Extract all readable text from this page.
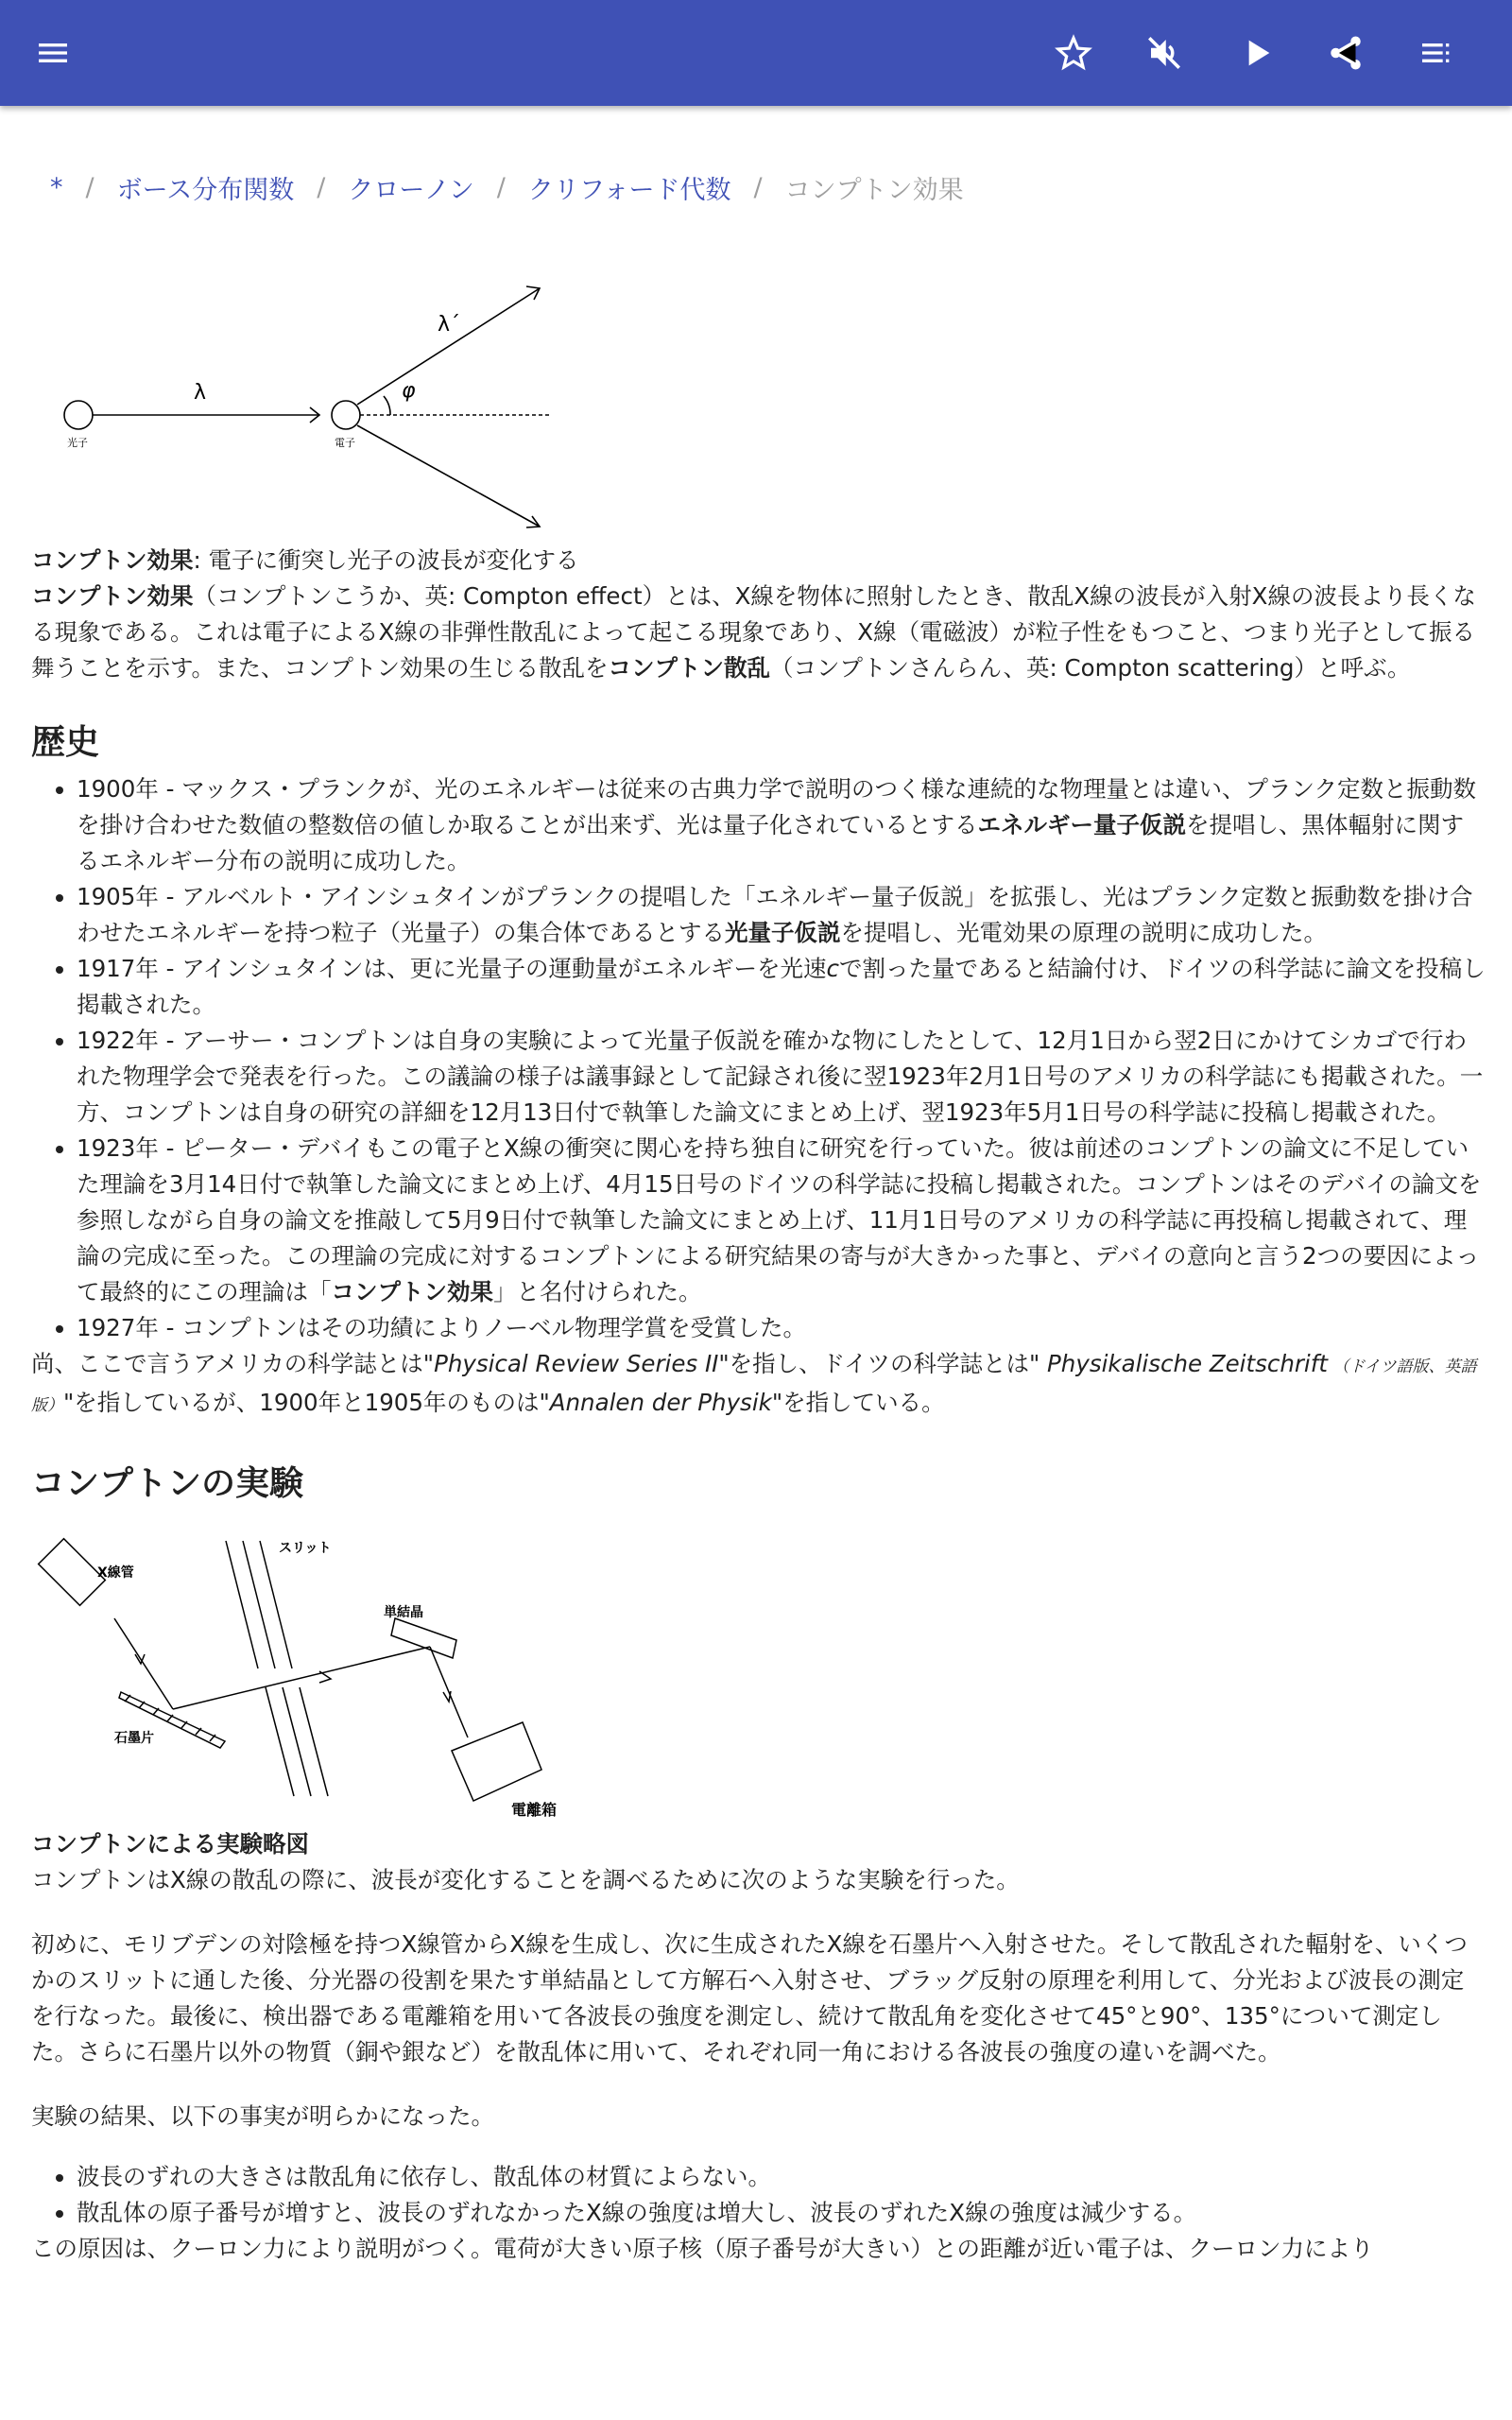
* / ボース分布関数 / クローノン / クリフォード代数 / コンプトン効果
λ
λ´
φ
光子	電子
コンプトン効果: 電子に衝突し光子の波長が変化する
コンプトン効果（コンプトンこうか、英: Compton effect）とは、X線を物体に照射したとき、散乱X線の波長が入射X線の波長より長くなる現象である。これは電子によるX線の非弾性散乱によって起こる現象であり、X線（電磁波）が粒子性をもつこと、つまり光子として振る舞うことを示す。また、コンプトン効果の生じる散乱をコンプトン散乱（コンプトンさんらん、英: Compton scattering）と呼ぶ。
歴史
1900年 - マックス・プランクが、光のエネルギーは従来の古典力学で説明のつく様な連続的な物理量とは違い、プランク定数と振動数を掛け合わせた数値の整数倍の値しか取ることが出来ず、光は量子化されているとするエネルギー量子仮説を提唱し、黒体輻射に関するエネルギー分布の説明に成功した。
1905年 - アルベルト・アインシュタインがプランクの提唱した「エネルギー量子仮説」を拡張し、光はプランク定数と振動数を掛け合わせたエネルギーを持つ粒子（光量子）の集合体であるとする光量子仮説を提唱し、光電効果の原理の説明に成功した。
1917年 - アインシュタインは、更に光量子の運動量がエネルギーを光速cで割った量であると結論付け、ドイツの科学誌に論文を投稿し掲載された。
1922年 - アーサー・コンプトンは自身の実験によって光量子仮説を確かな物にしたとして、12月1日から翌2日にかけてシカゴで行われた物理学会で発表を行った。この議論の様子は議事録として記録され後に翌1923年2月1日号のアメリカの科学誌にも掲載された。一方、コンプトンは自身の研究の詳細を12月13日付で執筆した論文にまとめ上げ、翌1923年5月1日号の科学誌に投稿し掲載された。
1923年 - ピーター・デバイもこの電子とX線の衝突に関心を持ち独自に研究を行っていた。彼は前述のコンプトンの論文に不足していた理論を3月14日付で執筆した論文にまとめ上げ、4月15日号のドイツの科学誌に投稿し掲載された。コンプトンはそのデバイの論文を参照しながら自身の論文を推敲して5月9日付で執筆した論文にまとめ上げ、11月1日号のアメリカの科学誌に再投稿し掲載されて、理論の完成に至った。この理論の完成に対するコンプトンによる研究結果の寄与が大きかった事と、デバイの意向と言う2つの要因によって最終的にこの理論は「コンプトン効果」と名付けられた。
1927年 - コンプトンはその功績によりノーベル物理学賞を受賞した。
尚、ここで言うアメリカの科学誌とは"Physical Review Series II"を指し、ドイツの科学誌とは" Physikalische Zeitschrift （ドイツ語版、英語版）"を指しているが、1900年と1905年のものは"Annalen der Physik"を指している。
コンプトンの実験
X線管
スリット
単結晶
石墨片
電離箱
コンプトンによる実験略図
コンプトンはX線の散乱の際に、波長が変化することを調べるために次のような実験を行った。
初めに、モリブデンの対陰極を持つX線管からX線を生成し、次に生成されたX線を石墨片へ入射させた。そして散乱された輻射を、いくつかのスリットに通した後、分光器の役割を果たす単結晶として方解石へ入射させ、ブラッグ反射の原理を利用して、分光および波長の測定を行なった。最後に、検出器である電離箱を用いて各波長の強度を測定し、続けて散乱角を変化させて45°と90°、135°について測定した。さらに石墨片以外の物質（銅や銀など）を散乱体に用いて、それぞれ同一角における各波長の強度の違いを調べた。
実験の結果、以下の事実が明らかになった。
波長のずれの大きさは散乱角に依存し、散乱体の材質によらない。
散乱体の原子番号が増すと、波長のずれなかったX線の強度は増大し、波長のずれたX線の強度は減少する。
この原因は、クーロン力により説明がつく。電荷が大きい原子核（原子番号が大きい）との距離が近い電子は、クーロン力により
